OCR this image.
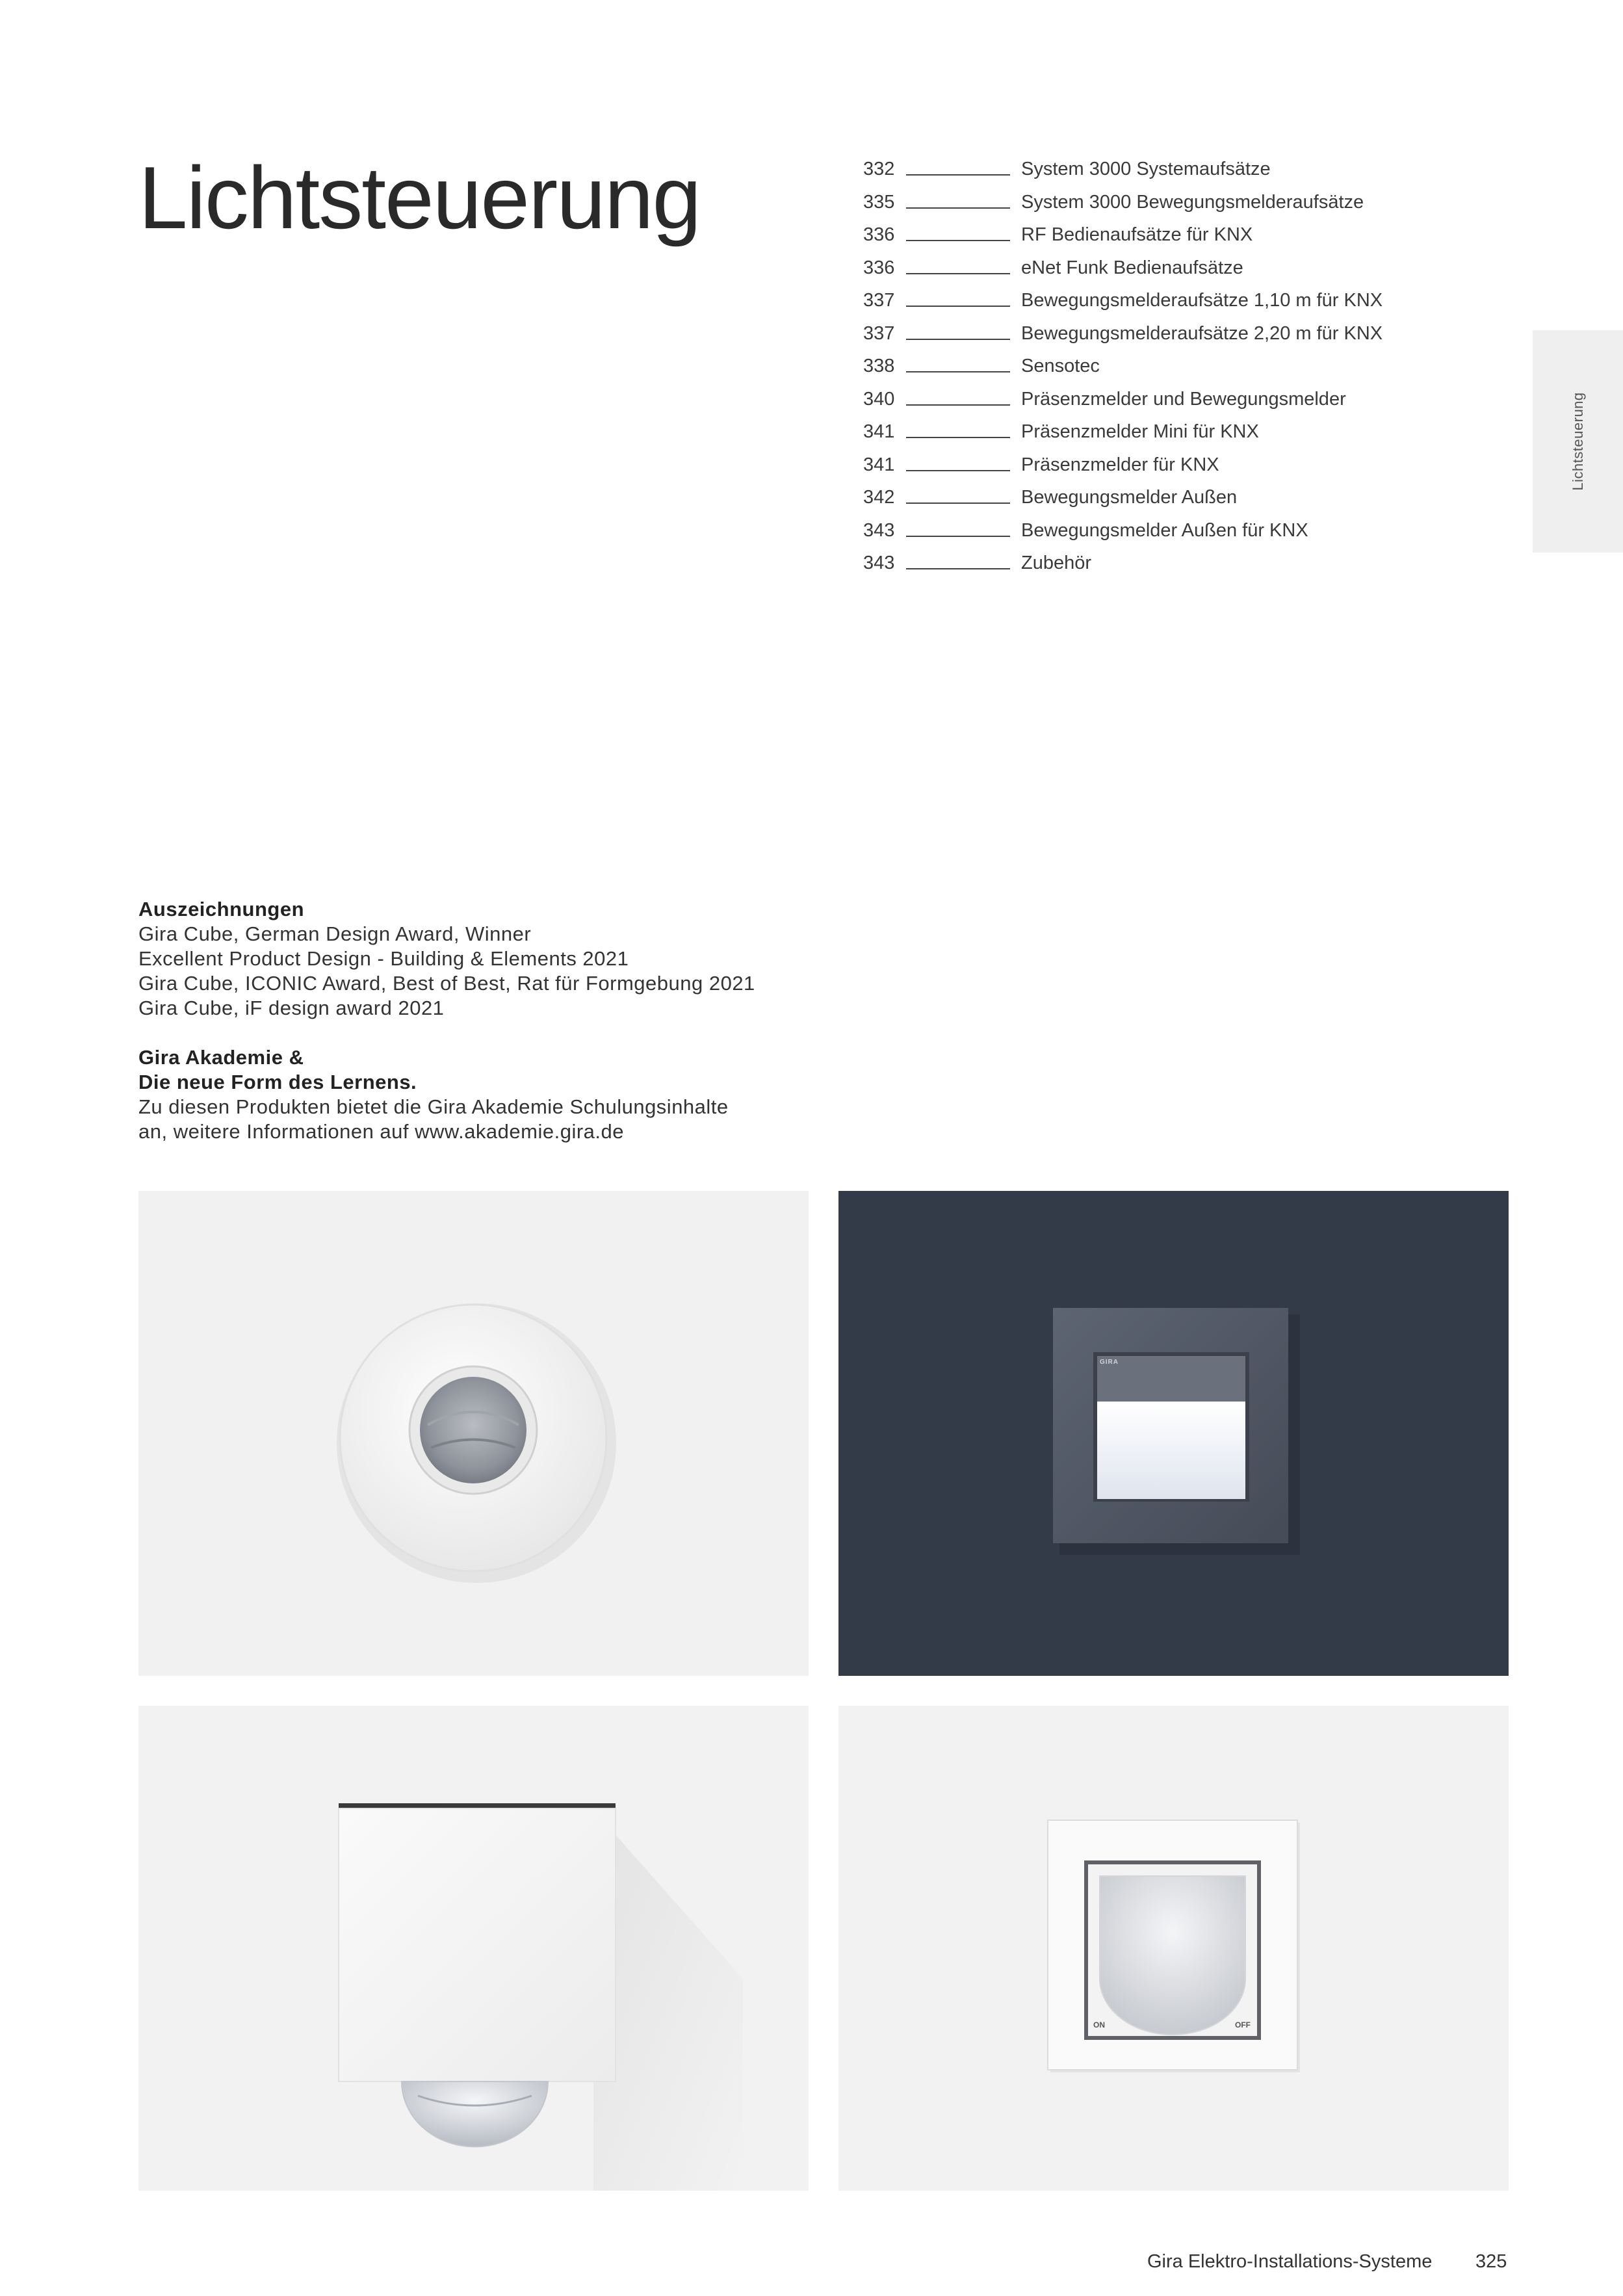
Lichtsteuerung	332	System 3000 Systemaufsätze
335	System 3000 Bewegungsmelderaufsätze
336	RF Bedienaufsätze für KNX
336	eNet Funk Bedienaufsätze
337	Bewegungsmelderaufsätze 1,10 m für KNX
337	Bewegungsmelderaufsätze 2,20 m für KNX
338	Sensotec
340	Präsenzmelder und Bewegungsmelder
341	Präsenzmelder Mini für KNX
341	Präsenzmelder für KNX
342	Bewegungsmelder Außen
343	Bewegungsmelder Außen für KNX
343	Zubehör
Lichtsteuerung
Auszeichnungen
Gira Cube, German Design Award, Winner
Excellent Product Design - Building & Elements 2021
Gira Cube, ICONIC Award, Best of Best, Rat für Formgebung 2021
Gira Cube, iF design award 2021
Gira Akademie &
Die neue Form des Lernens.
Zu diesen Produkten bietet die Gira Akademie Schulungsinhalte
an, weitere Informationen auf www.akademie.gira.de
GIRA
ON	OFF
Gira Elektro-Installations-Systeme 325
